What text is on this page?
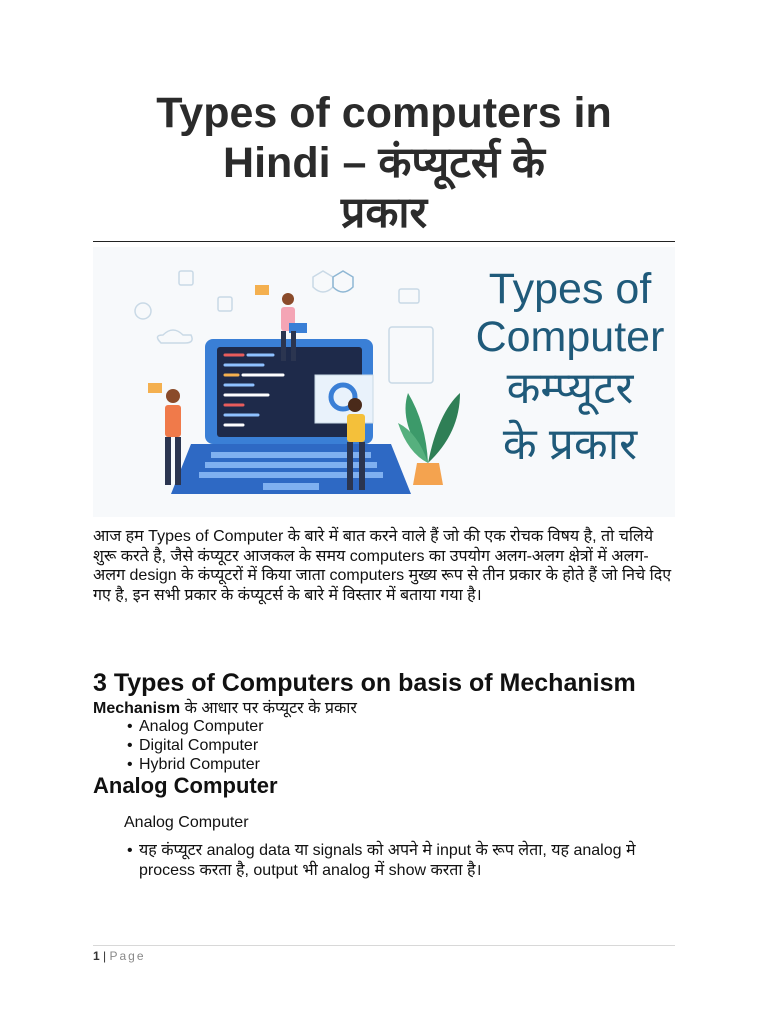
Types of computers in
Hindi – कंप्यूटर्स के
प्रकार
Types of
Computer
कम्प्यूटर
के प्रकार
आज हम Types of Computer के बारे में बात करने वाले हैं जो की एक रोचक विषय है, तो चलिये शुरू करते है, जैसे कंप्यूटर आजकल के समय computers का उपयोग अलग-अलग क्षेत्रों में अलग-अलग design के कंप्यूटरों में किया जाता computers मुख्य रूप से तीन प्रकार के होते हैं जो निचे दिए गए है, इन सभी प्रकार के कंप्यूटर्स के बारे में विस्तार में बताया गया है।
3 Types of Computers on basis of Mechanism
Mechanism के आधार पर कंप्यूटर के प्रकार
• Analog Computer
• Digital Computer
• Hybrid Computer
Analog Computer
Analog Computer
• यह कंप्यूटर analog data या signals को अपने मे input के रूप लेता, यह analog मे process करता है, output भी analog में show करता है।
1 | Page
